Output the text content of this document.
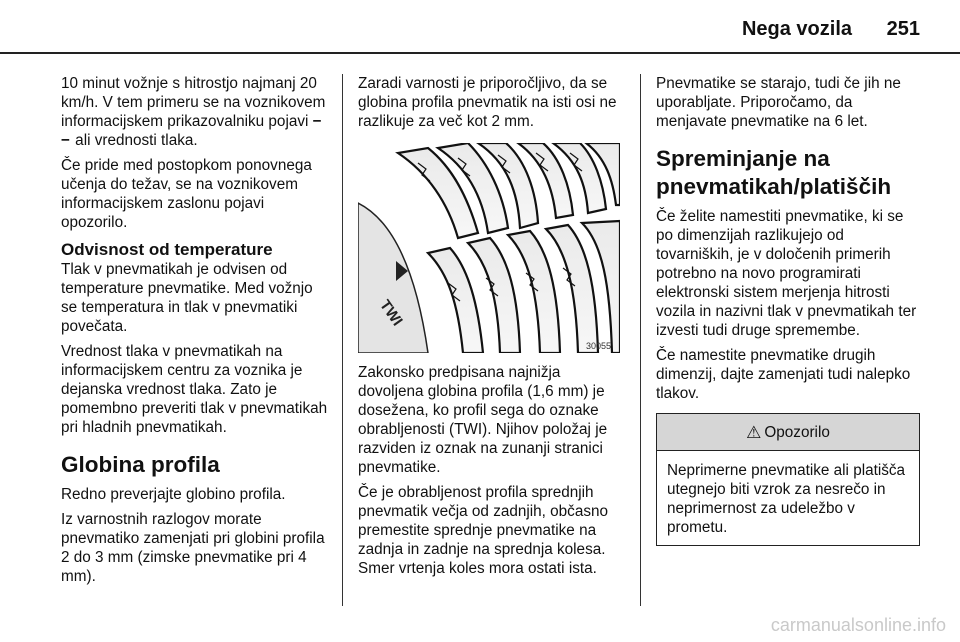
Nega vozila 251

10 minut vožnje s hitrostjo najmanj 20 km/h. V tem primeru se na voznikovem informacijskem prikazovalniku pojavi − − ali vrednosti tlaka.

Če pride med postopkom ponovnega učenja do težav, se na voznikovem informacijskem zaslonu pojavi opozorilo.

Odvisnost od temperature

Tlak v pnevmatikah je odvisen od temperature pnevmatike. Med vožnjo se temperatura in tlak v pnevmatiki povečata.

Vrednost tlaka v pnevmatikah na informacijskem centru za voznika je dejanska vrednost tlaka. Zato je pomembno preveriti tlak v pnevmatikah pri hladnih pnevmatikah.

Globina profila

Redno preverjajte globino profila.

Iz varnostnih razlogov morate pnevmatiko zamenjati pri globini profila 2 do 3 mm (zimske pnevmatike pri 4 mm).

Zaradi varnosti je priporočljivo, da se globina profila pnevmatik na isti osi ne razlikuje za več kot 2 mm.

TWI
30055

Zakonsko predpisana najnižja dovoljena globina profila (1,6 mm) je dosežena, ko profil sega do oznake obrabljenosti (TWI). Njihov položaj je razviden iz oznak na zunanji stranici pnevmatike.

Če je obrabljenost profila sprednjih pnevmatik večja od zadnjih, občasno premestite sprednje pnevmatike na zadnja in zadnje na sprednja kolesa. Smer vrtenja koles mora ostati ista.

Pnevmatike se starajo, tudi če jih ne uporabljate. Priporočamo, da menjavate pnevmatike na 6 let.

Spreminjanje na pnevmatikah/platiščih

Če želite namestiti pnevmatike, ki se po dimenzijah razlikujejo od tovarniških, je v določenih primerih potrebno na novo programirati elektronski sistem merjenja hitrosti vozila in nazivni tlak v pnevmatikah ter izvesti tudi druge spremembe.

Če namestite pnevmatike drugih dimenzij, dajte zamenjati tudi nalepko tlakov.

⚠ Opozorilo
Neprimerne pnevmatike ali platišča utegnejo biti vzrok za nesrečo in neprimernost za udeležbo v prometu.
carmanualsonline.info
